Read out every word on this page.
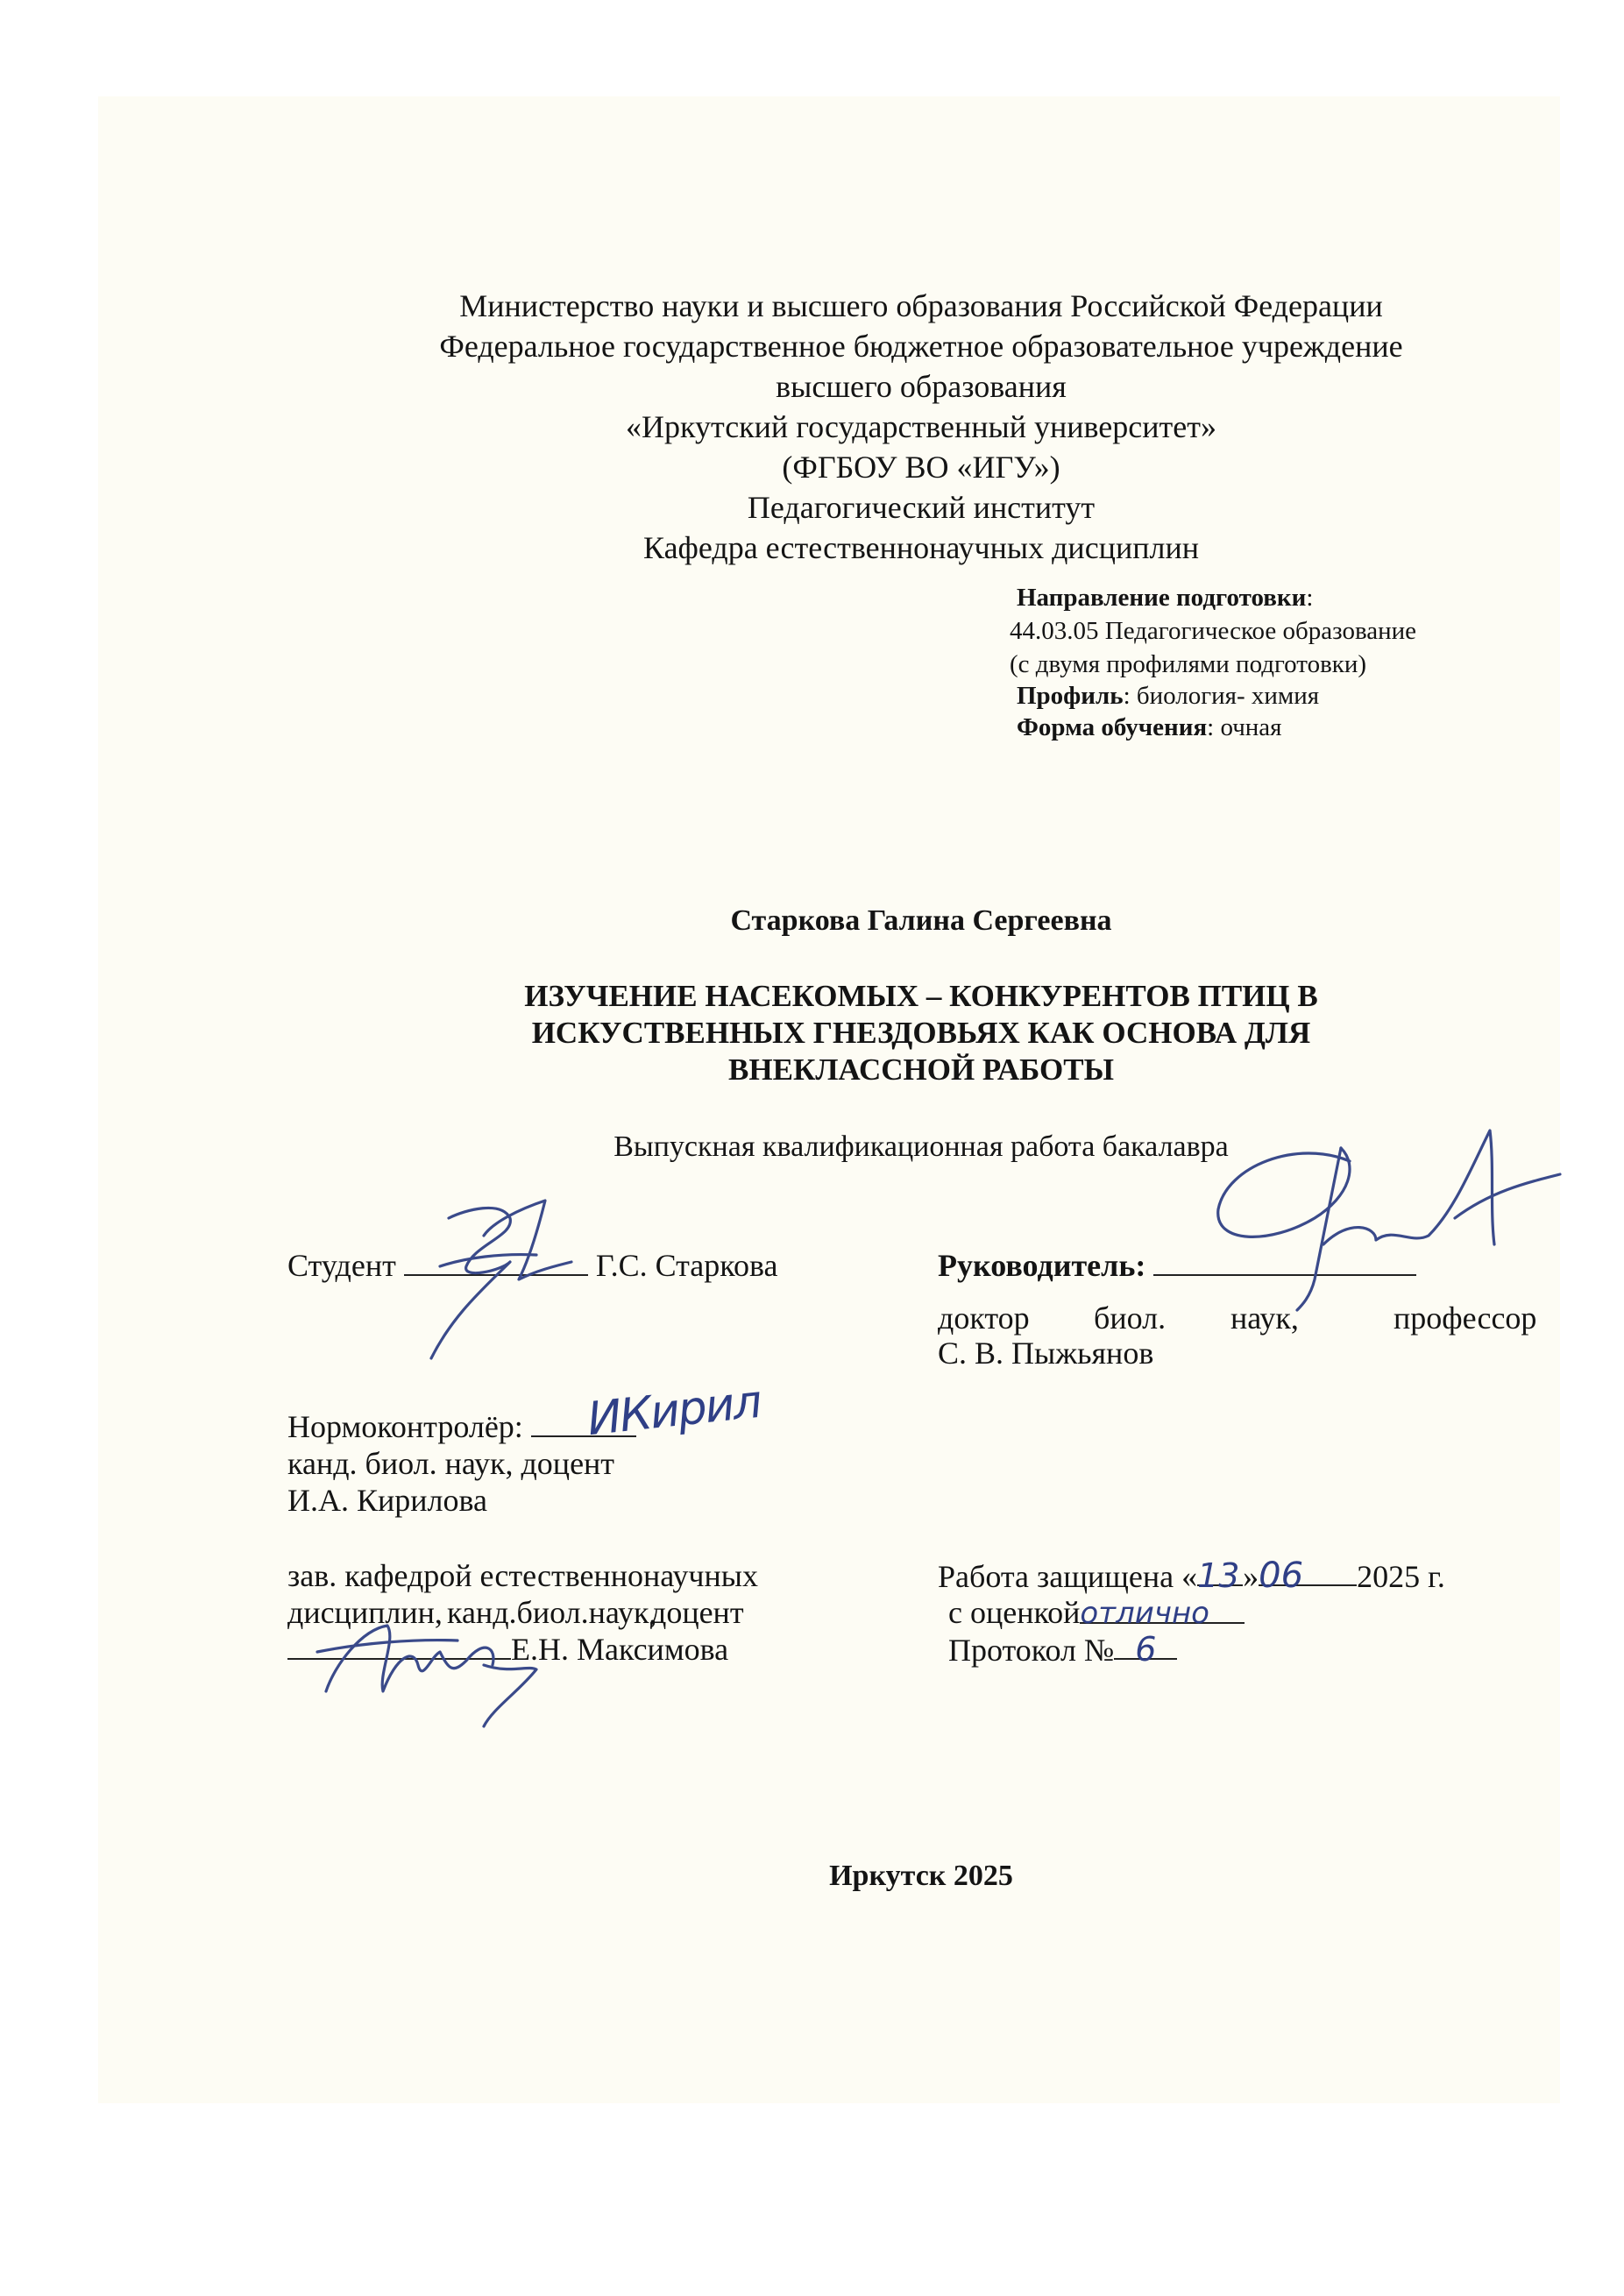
Министерство науки и высшего образования Российской Федерации
Федеральное государственное бюджетное образовательное учреждение
высшего образования
«Иркутский государственный университет»
(ФГБОУ ВО «ИГУ»)
Педагогический институт
Кафедра естественнонаучных дисциплин
Направление подготовки:
44.03.05 Педагогическое образование
(с двумя профилями подготовки)
Профиль: биология- химия
Форма обучения: очная
Старкова Галина Сергеевна
ИЗУЧЕНИЕ НАСЕКОМЫХ – КОНКУРЕНТОВ ПТИЦ В
ИСКУСТВЕННЫХ ГНЕЗДОВЬЯХ КАК ОСНОВА ДЛЯ
ВНЕКЛАССНОЙ РАБОТЫ
Выпускная квалификационная работа бакалавра
Студент	Г.С. Старкова	Руководитель:
доктор биол. наук,	профессор
С. В. Пыжьянов
Нормоконтролёр:	ИКирил
канд. биол. наук, доцент
И.А. Кирилова
зав. кафедрой естественнонаучных
дисциплин, канд.биол.наук,
доцент
Е.Н. Максимова
Работа защищена «13 »06 2025 г.
с оценкойотлично
Протокол № 6
Иркутск 2025
